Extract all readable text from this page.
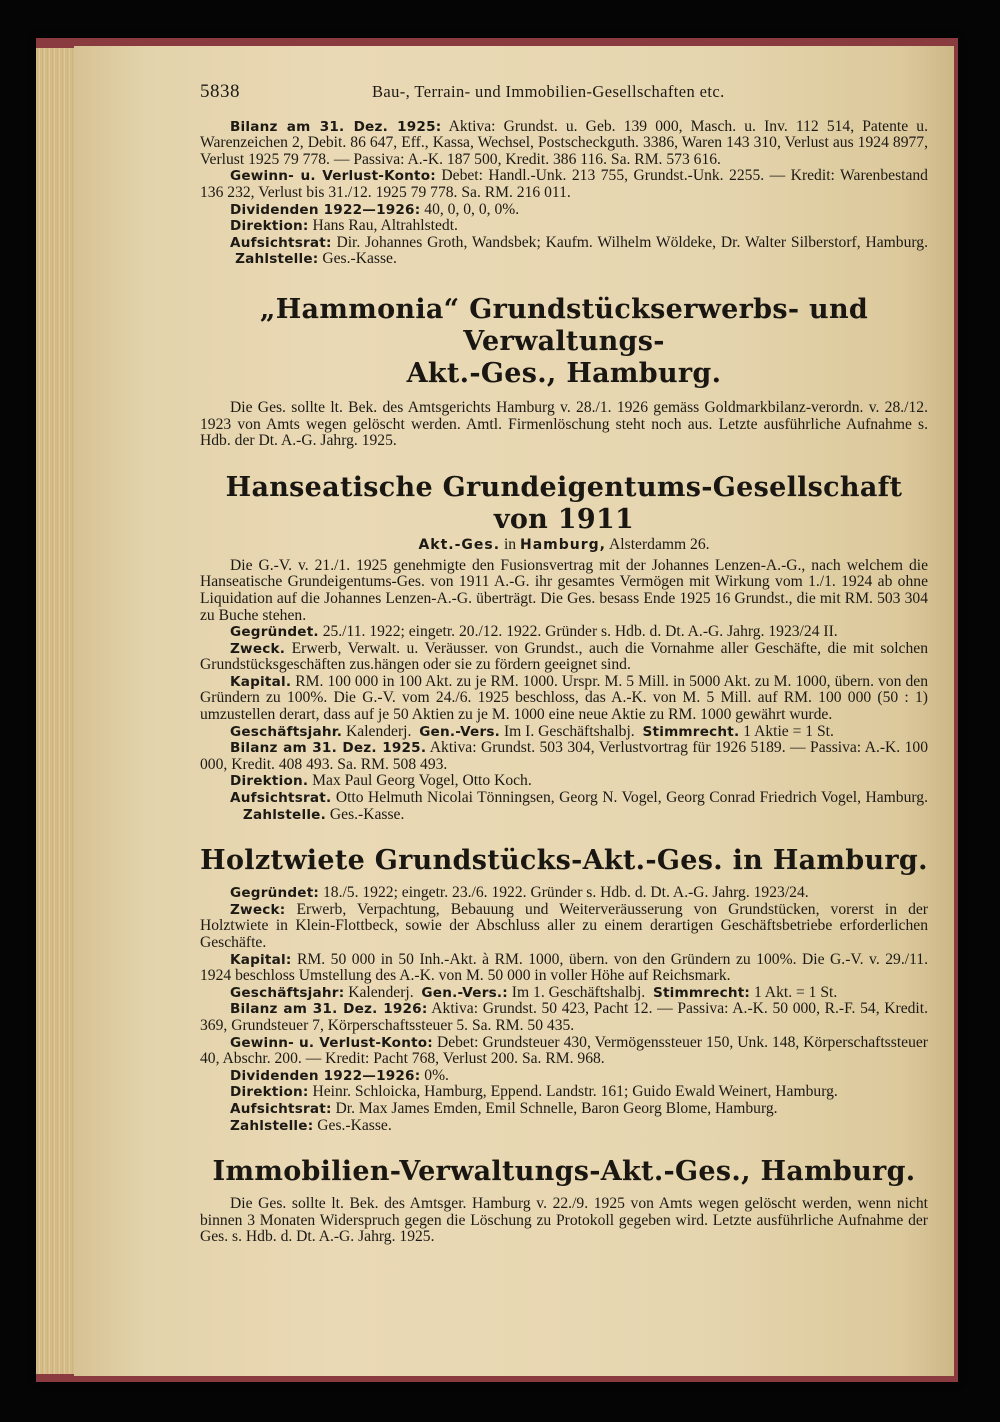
5838	Bau-, Terrain- und Immobilien-Gesellschaften etc.

Bilanz am 31. Dez. 1925: Aktiva: Grundst. u. Geb. 139 000, Masch. u. Inv. 112 514, Patente u. Warenzeichen 2, Debit. 86 647, Eff., Kassa, Wechsel, Postscheckguth. 3386, Waren 143 310, Verlust aus 1924 8977, Verlust 1925 79 778. — Passiva: A.-K. 187 500, Kredit. 386 116. Sa. RM. 573 616.

Gewinn- u. Verlust-Konto: Debet: Handl.-Unk. 213 755, Grundst.-Unk. 2255. — Kredit: Warenbestand 136 232, Verlust bis 31./12. 1925 79 778. Sa. RM. 216 011.

Dividenden 1922—1926: 40, 0, 0, 0, 0%.

Direktion: Hans Rau, Altrahlstedt.

Aufsichtsrat: Dir. Johannes Groth, Wandsbek; Kaufm. Wilhelm Wöldeke, Dr. Walter Silberstorf, Hamburg.          Zahlstelle: Ges.-Kasse.

„Hammonia“ Grundstückserwerbs- und Verwaltungs-
Akt.-Ges., Hamburg.

Die Ges. sollte lt. Bek. des Amtsgerichts Hamburg v. 28./1. 1926 gemäss Goldmarkbilanz-verordn. v. 28./12. 1923 von Amts wegen gelöscht werden. Amtl. Firmenlöschung steht noch aus. Letzte ausführliche Aufnahme s. Hdb. der Dt. A.-G. Jahrg. 1925.

Hanseatische Grundeigentums-Gesellschaft von 1911
Akt.-Ges. in Hamburg, Alsterdamm 26.

Die G.-V. v. 21./1. 1925 genehmigte den Fusionsvertrag mit der Johannes Lenzen-A.-G., nach welchem die Hanseatische Grundeigentums-Ges. von 1911 A.-G. ihr gesamtes Vermögen mit Wirkung vom 1./1. 1924 ab ohne Liquidation auf die Johannes Lenzen-A.-G. überträgt. Die Ges. besass Ende 1925 16 Grundst., die mit RM. 503 304 zu Buche stehen.

Gegründet. 25./11. 1922; eingetr. 20./12. 1922. Gründer s. Hdb. d. Dt. A.-G. Jahrg. 1923/24 II.

Zweck. Erwerb, Verwalt. u. Veräusser. von Grundst., auch die Vornahme aller Geschäfte, die mit solchen Grundstücksgeschäften zus.hängen oder sie zu fördern geeignet sind.

Kapital. RM. 100 000 in 100 Akt. zu je RM. 1000. Urspr. M. 5 Mill. in 5000 Akt. zu M. 1000, übern. von den Gründern zu 100%. Die G.-V. vom 24./6. 1925 beschloss, das A.-K. von M. 5 Mill. auf RM. 100 000 (50 : 1) umzustellen derart, dass auf je 50 Aktien zu je M. 1000 eine neue Aktie zu RM. 1000 gewährt wurde.

Geschäftsjahr. Kalenderj. Gen.-Vers. Im I. Geschäftshalbj. Stimmrecht. 1 Aktie = 1 St.

Bilanz am 31. Dez. 1925. Aktiva: Grundst. 503 304, Verlustvortrag für 1926 5189. — Passiva: A.-K. 100 000, Kredit. 408 493. Sa. RM. 508 493.

Direktion. Max Paul Georg Vogel, Otto Koch.

Aufsichtsrat. Otto Helmuth Nicolai Tönningsen, Georg N. Vogel, Georg Conrad Friedrich Vogel, Hamburg.            Zahlstelle. Ges.-Kasse.

Holztwiete Grundstücks-Akt.-Ges. in Hamburg.

Gegründet: 18./5. 1922; eingetr. 23./6. 1922. Gründer s. Hdb. d. Dt. A.-G. Jahrg. 1923/24.

Zweck: Erwerb, Verpachtung, Bebauung und Weiterveräusserung von Grundstücken, vorerst in der Holztwiete in Klein-Flottbeck, sowie der Abschluss aller zu einem derartigen Geschäftsbetriebe erforderlichen Geschäfte.

Kapital: RM. 50 000 in 50 Inh.-Akt. à RM. 1000, übern. von den Gründern zu 100%. Die G.-V. v. 29./11. 1924 beschloss Umstellung des A.-K. von M. 50 000 in voller Höhe auf Reichsmark.

Geschäftsjahr: Kalenderj. Gen.-Vers.: Im 1. Geschäftshalbj. Stimmrecht: 1 Akt. = 1 St.

Bilanz am 31. Dez. 1926: Aktiva: Grundst. 50 423, Pacht 12. — Passiva: A.-K. 50 000, R.-F. 54, Kredit. 369, Grundsteuer 7, Körperschaftssteuer 5. Sa. RM. 50 435.

Gewinn- u. Verlust-Konto: Debet: Grundsteuer 430, Vermögenssteuer 150, Unk. 148, Körperschaftssteuer 40, Abschr. 200. — Kredit: Pacht 768, Verlust 200. Sa. RM. 968.

Dividenden 1922—1926: 0%.

Direktion: Heinr. Schloicka, Hamburg, Eppend. Landstr. 161; Guido Ewald Weinert, Hamburg.

Aufsichtsrat: Dr. Max James Emden, Emil Schnelle, Baron Georg Blome, Hamburg.

Zahlstelle: Ges.-Kasse.

Immobilien-Verwaltungs-Akt.-Ges., Hamburg.

Die Ges. sollte lt. Bek. des Amtsger. Hamburg v. 22./9. 1925 von Amts wegen gelöscht werden, wenn nicht binnen 3 Monaten Widerspruch gegen die Löschung zu Protokoll gegeben wird. Letzte ausführliche Aufnahme der Ges. s. Hdb. d. Dt. A.-G. Jahrg. 1925.
